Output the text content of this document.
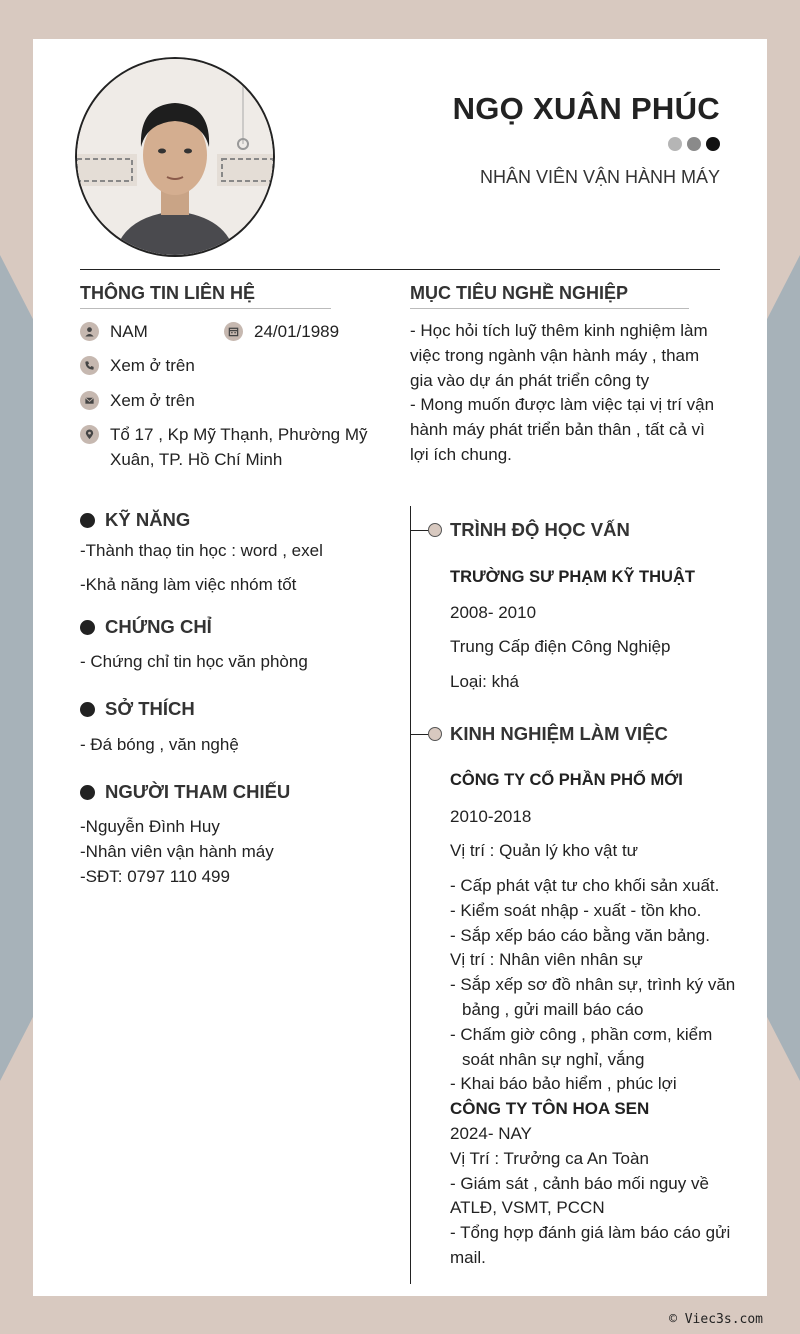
NGỌ XUÂN PHÚC
NHÂN VIÊN VẬN HÀNH MÁY
THÔNG TIN LIÊN HỆ
NAM	24/01/1989
Xem ở trên
Xem ở trên
Tổ 17 , Kp Mỹ Thạnh, Phường Mỹ
Xuân, TP. Hồ Chí Minh
MỤC TIÊU NGHỀ NGHIỆP
- Học hỏi tích luỹ thêm kinh nghiệm làm
việc trong ngành vận hành máy , tham
gia vào dự án phát triển công ty
- Mong muốn được làm việc tại vị trí vận
hành máy phát triển bản thân , tất cả vì
lợi ích chung.
KỸ NĂNG
-Thành thaọ tin học : word , exel
-Khả năng làm việc nhóm tốt
CHỨNG CHỈ
- Chứng chỉ tin học văn phòng
SỞ THÍCH
- Đá bóng , văn nghệ
NGƯỜI THAM CHIẾU
-Nguyễn Đình Huy
-Nhân viên vận hành máy
-SĐT: 0797 110 499
TRÌNH ĐỘ HỌC VẤN
TRƯỜNG SƯ PHẠM KỸ THUẬT
2008- 2010
Trung Cấp điện Công Nghiệp
Loại: khá
KINH NGHIỆM LÀM VIỆC
CÔNG TY CỔ PHẦN PHỐ MỚI
2010-2018
Vị trí : Quản lý kho vật tư
- Cấp phát vật tư cho khối sản xuất.
- Kiểm soát nhập - xuất - tồn kho.
- Sắp xếp báo cáo bằng văn bảng.
Vị trí : Nhân viên nhân sự
- Sắp xếp sơ đồ nhân sự, trình ký văn bảng , gửi maill báo cáo
- Chấm giờ công , phần cơm, kiểm soát nhân sự nghỉ, vắng
- Khai báo bảo hiểm , phúc lợi
CÔNG TY TÔN HOA SEN
2024- NAY
Vị Trí : Trưởng ca An Toàn
- Giám sát , cảnh báo mối nguy về
ATLĐ, VSMT, PCCN
- Tổng hợp đánh giá làm báo cáo gửi
mail.
© Viec3s.com
